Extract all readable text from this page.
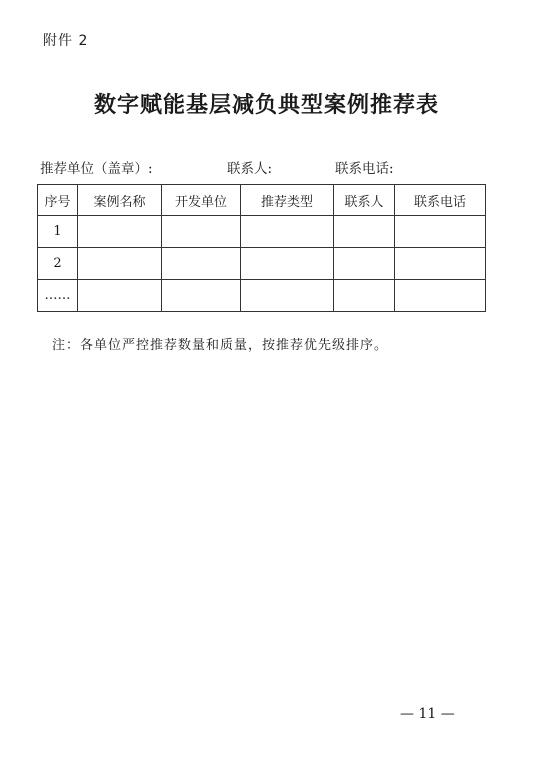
附件 2
数字赋能基层减负典型案例推荐表
推荐单位（盖章）:	联系人:	联系电话:
序号	案例名称	开发单位	推荐类型	联系人	联系电话
1					
2					
……					
注：各单位严控推荐数量和质量，按推荐优先级排序。
— 11 —
